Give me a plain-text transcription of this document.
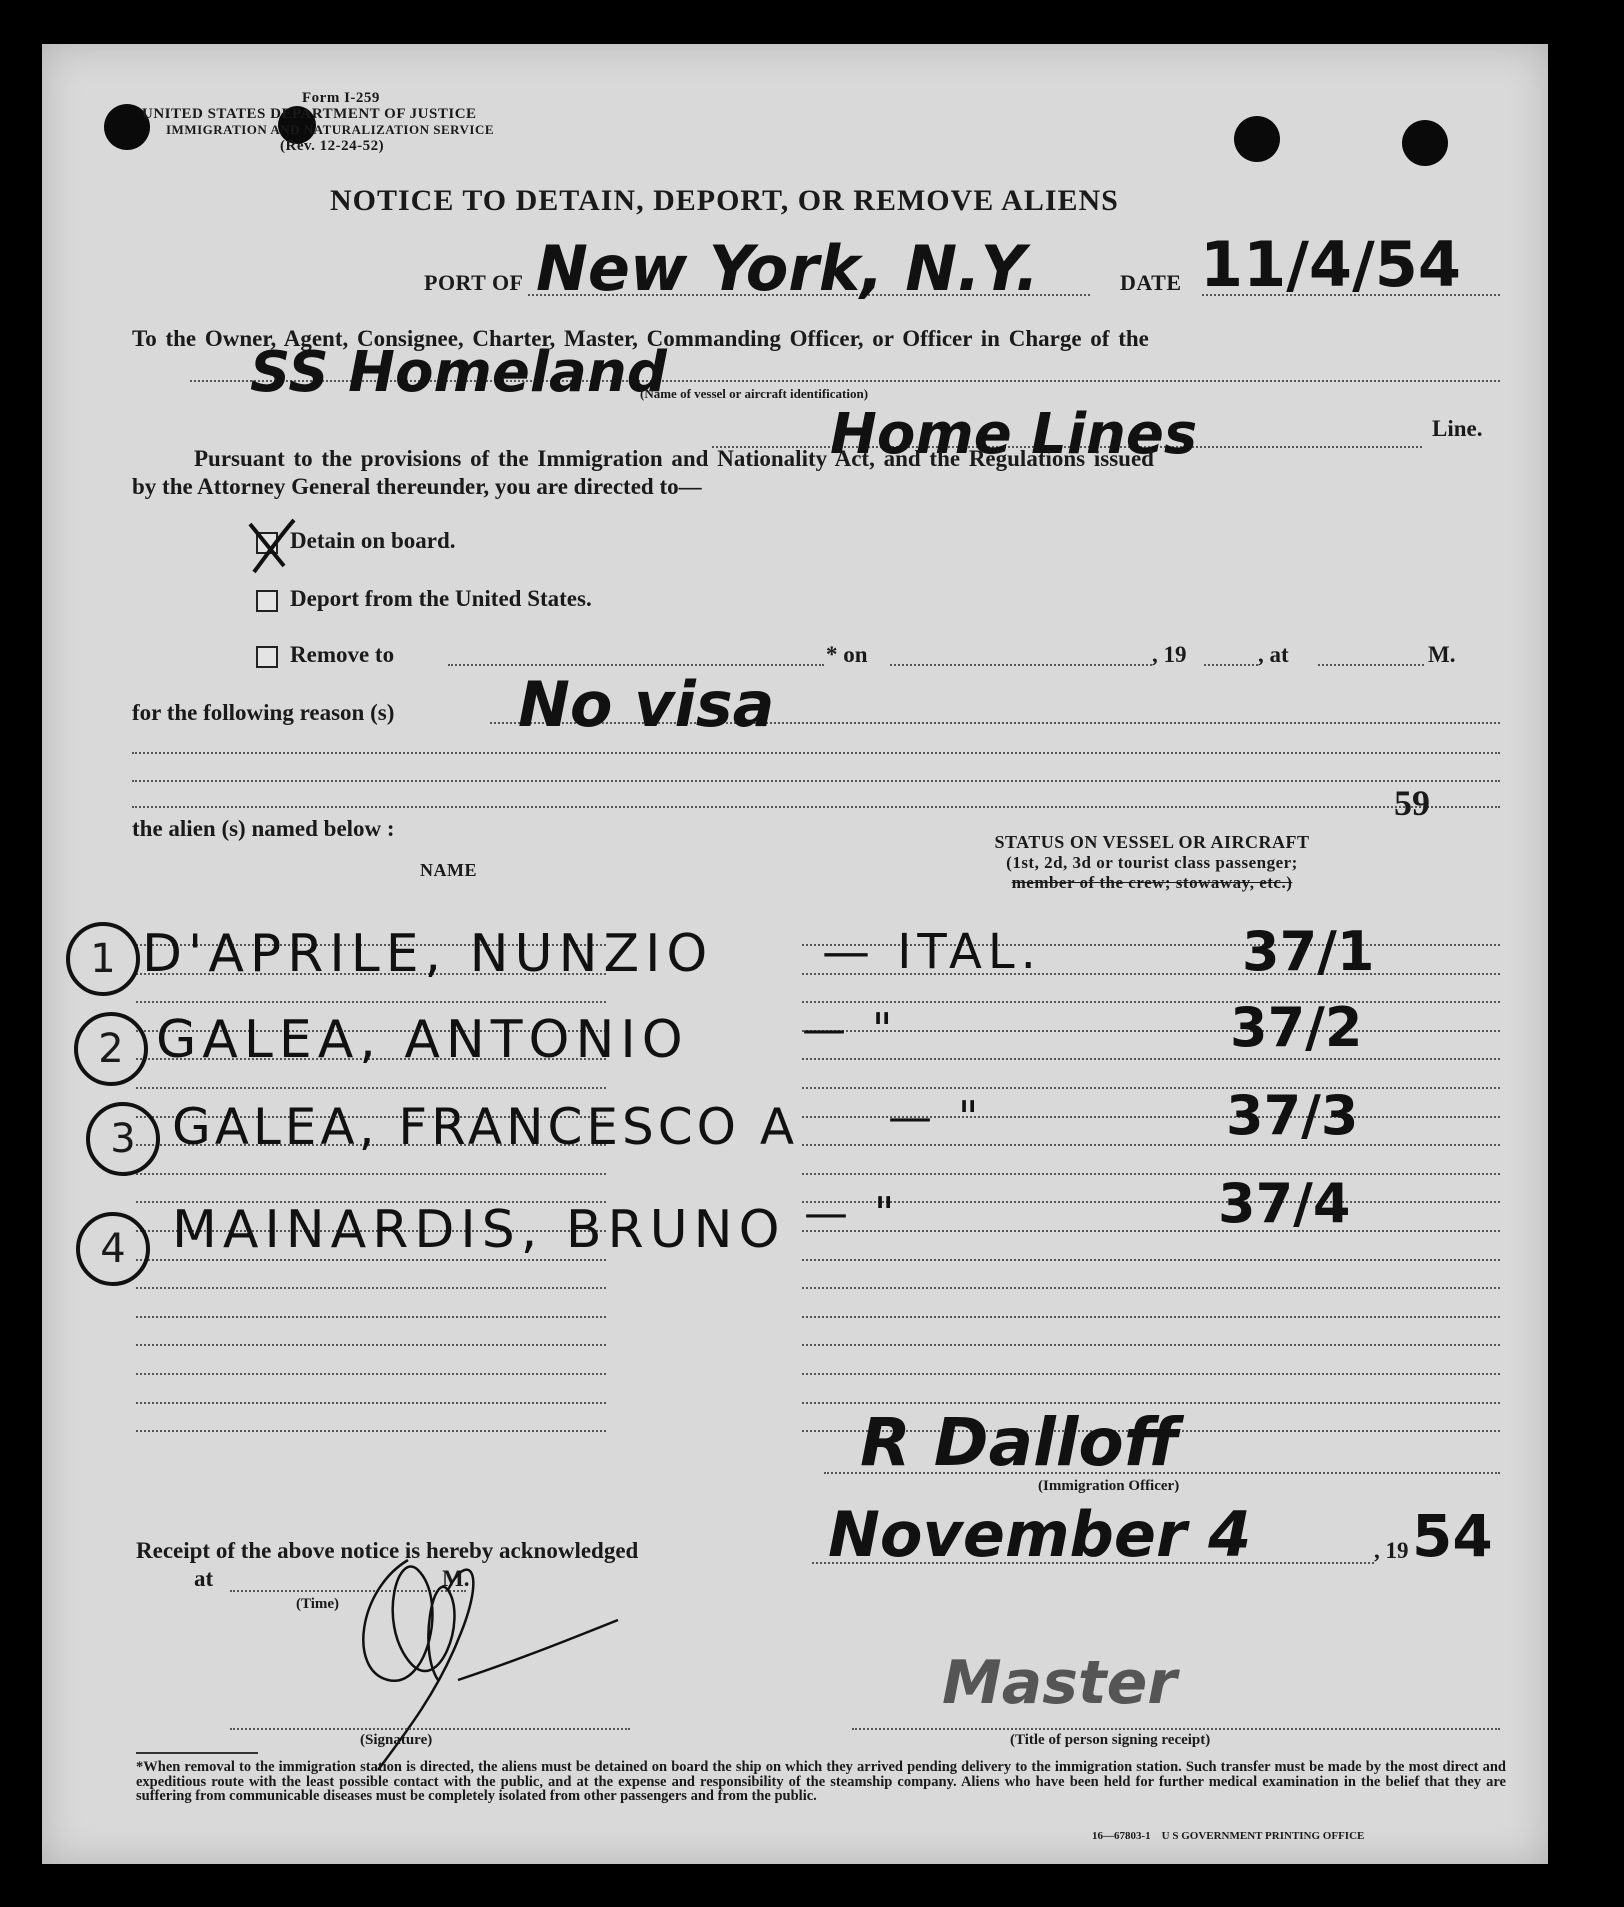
Form I-259
UNITED STATES DEPARTMENT OF JUSTICE
IMMIGRATION AND NATURALIZATION SERVICE
(Rev. 12-24-52)
NOTICE TO DETAIN, DEPORT, OR REMOVE ALIENS
PORT OF New York, N.Y.	DATE 11/4/54
To the Owner, Agent, Consignee, Charter, Master, Commanding Officer, or Officer in Charge of the
SS Homeland
(Name of vessel or aircraft identification)
Home Lines	Line.
Pursuant to the provisions of the Immigration and Nationality Act, and the Regulations issued
by the Attorney General thereunder, you are directed to—
Detain on board.
Deport from the United States.
Remove to	* on	, 19	, at	M.
for the following reason (s) No visa
59
the alien (s) named below :
NAME
STATUS ON VESSEL OR AIRCRAFT
(1st, 2d, 3d or tourist class passenger;
member of the crew; stowaway, etc.)
1 D'APRILE, NUNZIO — ITAL.	37/1
2 GALEA, ANTONIO	— "	37/2
3 GALEA, FRANCESCO A — "	37/3
4 MAINARDIS, BRUNO — "	37/4
R Dalloff
(Immigration Officer)
Receipt of the above notice is hereby acknowledged	November 4	, 19 54
at	M.
(Time)
(Signature)
Master
(Title of person signing receipt)
*When removal to the immigration station is directed, the aliens must be detained on board the ship on which they arrived pending delivery to the immigration station. Such transfer must be made by the most direct and expeditious route with the least possible contact with the public, and at the expense and responsibility of the steamship company. Aliens who have been held for further medical examination in the belief that they are suffering from communicable diseases must be completely isolated from other passengers and from the public.
16—67803-1    U S GOVERNMENT PRINTING OFFICE
